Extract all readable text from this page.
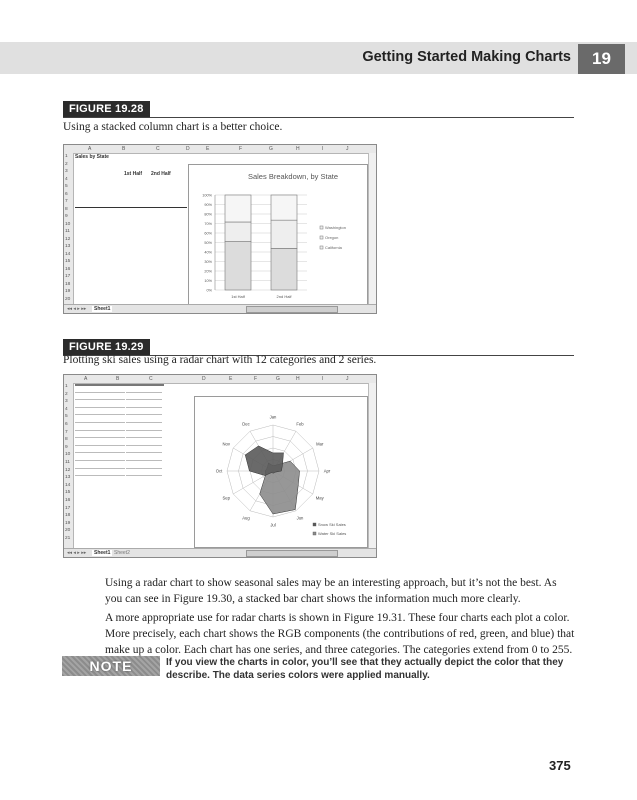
Getting Started Making Charts	19
FIGURE 19.28
Using a stacked column chart is a better choice.
A	B	C	D	E	F	G	H	I	J
1
2
3
4
5
6
7
8
9
10
11
12
13
14
15
16
17
18
19
20
Sales by State
1st Half 2nd Half	Sales Breakdown, by State
0%
10%
20%
30%
40%
50%
60%
70%
80%
90%
100%
1st Half	2nd Half
Washington
Oregon
California
◂◂ ◂ ▸ ▸▸	Sheet1
FIGURE 19.29
Plotting ski sales using a radar chart with 12 categories and 2 series.
A	B	C	D	E	F	G	H	I	J
1
2
3
4
5
6
7
8
9
10
11
12
13
14
15
16
17
18
19
20
21
Jan
Feb
Mar
Apr
May
Jun
Jul
Aug
Sep
Oct
Nov
Dec
Snow Ski Sales
Water Ski Sales
◂◂ ◂ ▸ ▸▸	Sheet1 Sheet2
Using a radar chart to show seasonal sales may be an interesting approach, but it’s not the best. As you can see in Figure 19.30, a stacked bar chart shows the information much more clearly.
A more appropriate use for radar charts is shown in Figure 19.31. These four charts each plot a color. More precisely, each chart shows the RGB components (the contributions of red, green, and blue) that make up a color. Each chart has one series, and three categories. The categories extend from 0 to 255.
NOTE	If you view the charts in color, you’ll see that they actually depict the color that they describe. The data series colors were applied manually.
375
